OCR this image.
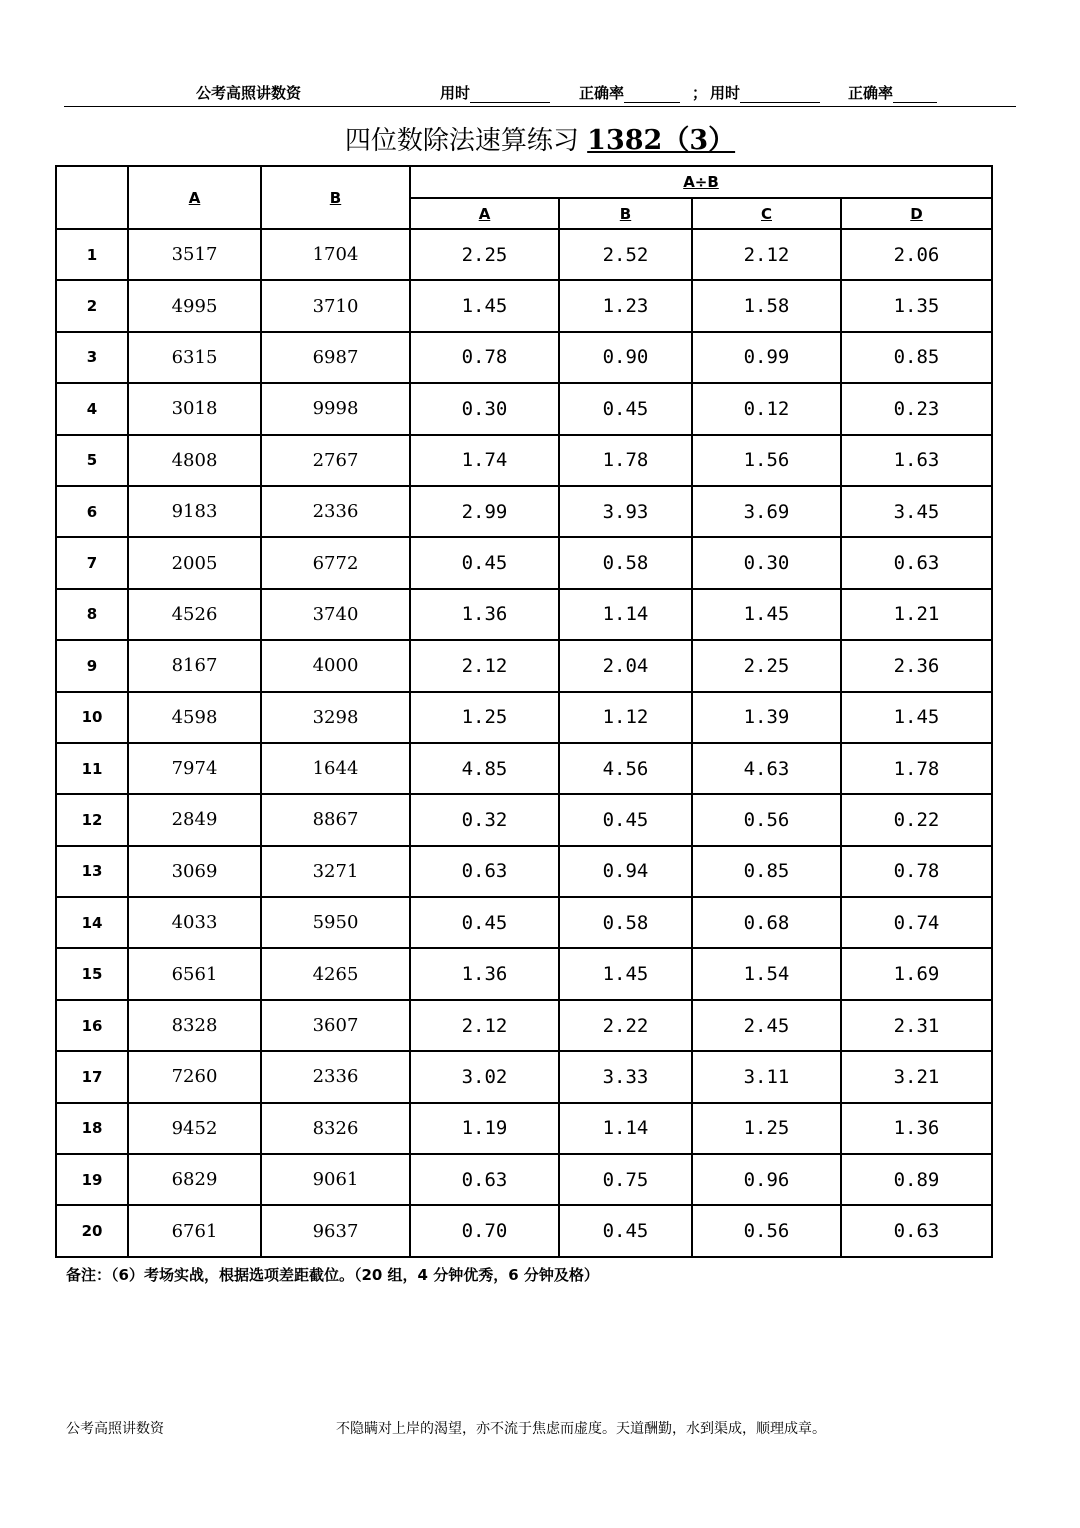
公考高照讲数资	用时	正确率	； 用时	正确率
四位数除法速算练习 1382（3）
	A	B	A÷B			
			A	B	C	D
1	3517	1704	2.25	2.52	2.12	2.06
2	4995	3710	1.45	1.23	1.58	1.35
3	6315	6987	0.78	0.90	0.99	0.85
4	3018	9998	0.30	0.45	0.12	0.23
5	4808	2767	1.74	1.78	1.56	1.63
6	9183	2336	2.99	3.93	3.69	3.45
7	2005	6772	0.45	0.58	0.30	0.63
8	4526	3740	1.36	1.14	1.45	1.21
9	8167	4000	2.12	2.04	2.25	2.36
10	4598	3298	1.25	1.12	1.39	1.45
11	7974	1644	4.85	4.56	4.63	1.78
12	2849	8867	0.32	0.45	0.56	0.22
13	3069	3271	0.63	0.94	0.85	0.78
14	4033	5950	0.45	0.58	0.68	0.74
15	6561	4265	1.36	1.45	1.54	1.69
16	8328	3607	2.12	2.22	2.45	2.31
17	7260	2336	3.02	3.33	3.11	3.21
18	9452	8326	1.19	1.14	1.25	1.36
19	6829	9061	0.63	0.75	0.96	0.89
20	6761	9637	0.70	0.45	0.56	0.63
备注：（6）考场实战，根据选项差距截位。（20 组，4 分钟优秀，6 分钟及格）
公考高照讲数资	不隐瞒对上岸的渴望，亦不流于焦虑而虚度。天道酬勤，水到渠成，顺理成章。
